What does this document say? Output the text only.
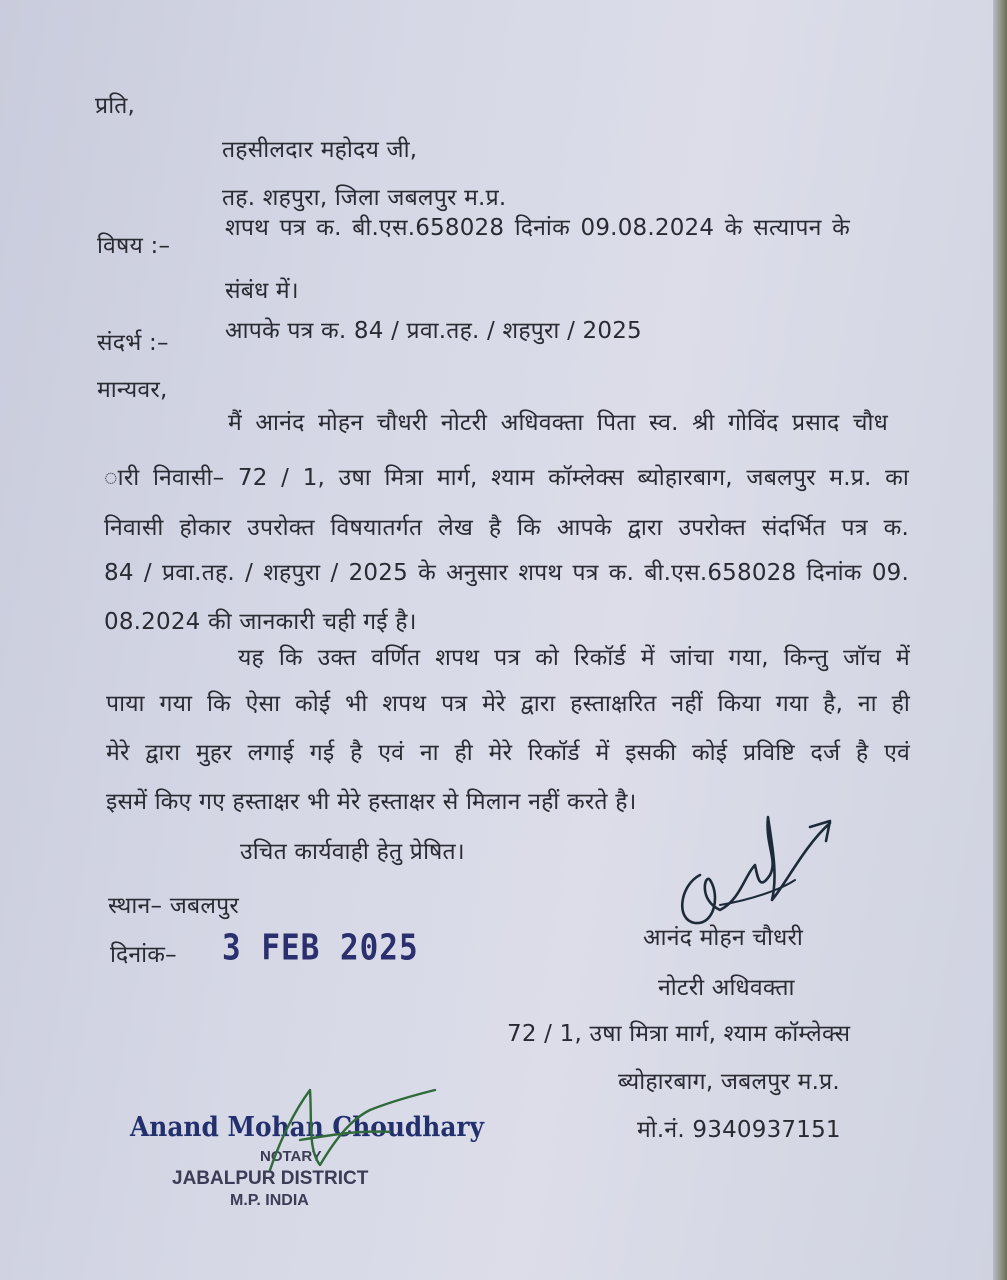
प्रति,
तहसीलदार महोदय जी,
तह. शहपुरा, जिला जबलपुर म.प्र.
विषय :–
शपथ पत्र क. बी.एस.658028 दिनांक 09.08.2024 के सत्यापन के
संबंध में।
संदर्भ :– आपके पत्र क. 84 / प्रवा.तह. / शहपुरा / 2025
मान्यवर,
मैं आनंद मोहन चौधरी नोटरी अधिवक्ता पिता स्व. श्री गोविंद प्रसाद चौध
ारी निवासी– 72 / 1, उषा मित्रा मार्ग, श्याम कॉम्लेक्स ब्योहारबाग, जबलपुर म.प्र. का
निवासी होकार उपरोक्त विषयातर्गत लेख है कि आपके द्वारा उपरोक्त संदर्भित पत्र क.
84 / प्रवा.तह. / शहपुरा / 2025 के अनुसार शपथ पत्र क. बी.एस.658028 दिनांक 09.
08.2024 की जानकारी चही गई है।
यह कि उक्त वर्णित शपथ पत्र को रिकॉर्ड में जांचा गया, किन्तु जॉच में
पाया गया कि ऐसा कोई भी शपथ पत्र मेरे द्वारा हस्ताक्षरित नहीं किया गया है, ना ही
मेरे द्वारा मुहर लगाई गई है एवं ना ही मेरे रिकॉर्ड में इसकी कोई प्रविष्टि दर्ज है एवं
इसमें किए गए हस्ताक्षर भी मेरे हस्ताक्षर से मिलान नहीं करते है।
उचित कार्यवाही हेतु प्रेषित।
स्थान– जबलपुर
दिनांक– 3 FEB 2025	आनंद मोहन चौधरी
नोटरी अधिवक्ता
72 / 1, उषा मित्रा मार्ग, श्याम कॉम्लेक्स
ब्योहारबाग, जबलपुर म.प्र.
मो.नं. 9340937151
Anand Mohan Choudhary
NOTARY
JABALPUR DISTRICT
M.P. INDIA
